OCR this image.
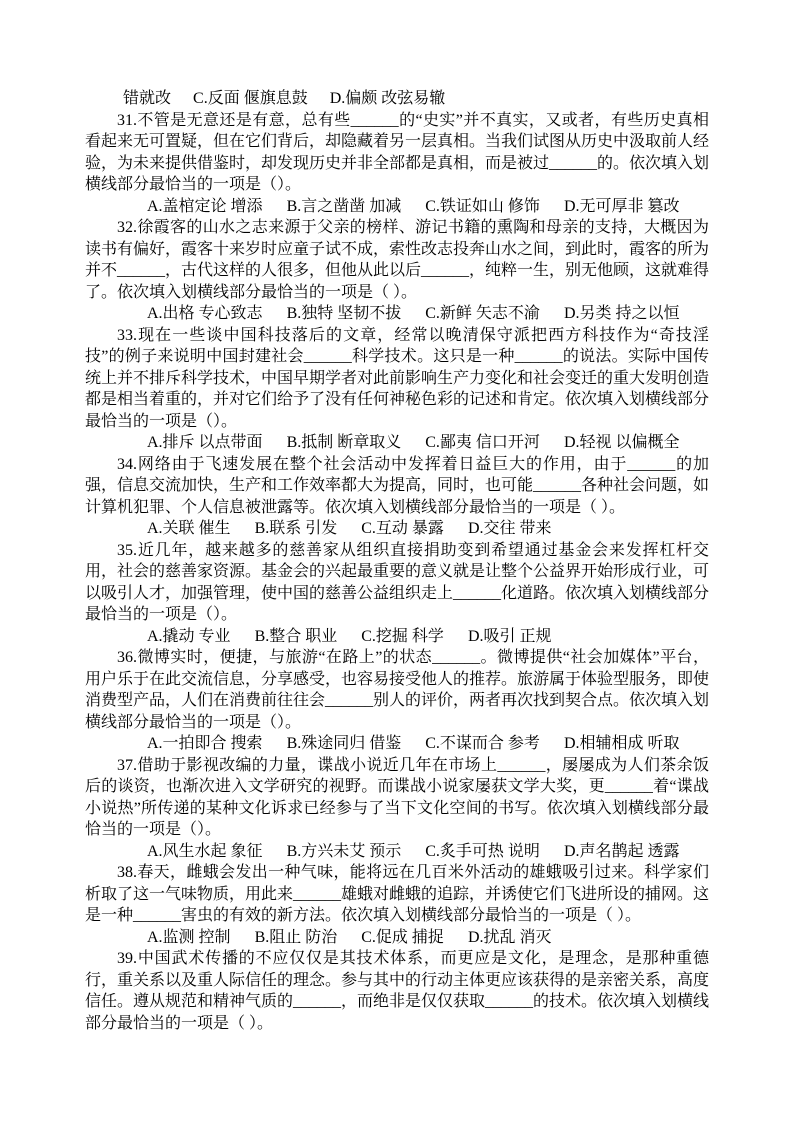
错就改 C.反面 偃旗息鼓 D.偏颇 改弦易辙

31.不管是无意还是有意，总有些______的“史实”并不真实，又或者，有些历史真相看起来无可置疑，但在它们背后，却隐藏着另一层真相。当我们试图从历史中汲取前人经验，为未来提供借鉴时，却发现历史并非全部都是真相，而是被过______的。依次填入划横线部分最恰当的一项是（）。

A.盖棺定论 增添 B.言之凿凿 加减 C.铁证如山 修饰 D.无可厚非 篡改

32.徐霞客的山水之志来源于父亲的榜样、游记书籍的熏陶和母亲的支持，大概因为读书有偏好，霞客十来岁时应童子试不成，索性改志投奔山水之间，到此时，霞客的所为并不______，古代这样的人很多，但他从此以后______，纯粹一生，别无他顾，这就难得了。依次填入划横线部分最恰当的一项是（ ）。

A.出格 专心致志 B.独特 坚韧不拔 C.新鲜 矢志不渝 D.另类 持之以恒

33.现在一些谈中国科技落后的文章，经常以晚清保守派把西方科技作为“奇技淫技”的例子来说明中国封建社会______科学技术。这只是一种______的说法。实际中国传统上并不排斥科学技术，中国早期学者对此前影响生产力变化和社会变迁的重大发明创造都是相当着重的，并对它们给予了没有任何神秘色彩的记述和肯定。依次填入划横线部分最恰当的一项是（）。

A.排斥 以点带面 B.抵制 断章取义 C.鄙夷 信口开河 D.轻视 以偏概全

34.网络由于飞速发展在整个社会活动中发挥着日益巨大的作用，由于______的加强，信息交流加快，生产和工作效率都大为提高，同时，也可能______各种社会问题，如计算机犯罪、个人信息被泄露等。依次填入划横线部分最恰当的一项是（ ）。

A.关联 催生 B.联系 引发 C.互动 暴露 D.交往 带来

35.近几年，越来越多的慈善家从组织直接捐助变到希望通过基金会来发挥杠杆交用，社会的慈善家资源。基金会的兴起最重要的意义就是让整个公益界开始形成行业，可以吸引人才，加强管理，使中国的慈善公益组织走上______化道路。依次填入划横线部分最恰当的一项是（）。

A.撬动 专业 B.整合 职业 C.挖掘 科学 D.吸引 正规

36.微博实时，便捷，与旅游“在路上”的状态______。微博提供“社会加媒体”平台，用户乐于在此交流信息，分享感受，也容易接受他人的推荐。旅游属于体验型服务，即使消费型产品，人们在消费前往往会______别人的评价，两者再次找到契合点。依次填入划横线部分最恰当的一项是（）。

A.一拍即合 搜索 B.殊途同归 借鉴 C.不谋而合 参考 D.相辅相成 听取

37.借助于影视改编的力量，谍战小说近几年在市场上______，屡屡成为人们茶余饭后的谈资，也渐次进入文学研究的视野。而谍战小说家屡获文学大奖，更______着“谍战小说热”所传递的某种文化诉求已经参与了当下文化空间的书写。依次填入划横线部分最恰当的一项是（）。

A.风生水起 象征 B.方兴未艾 预示 C.炙手可热 说明 D.声名鹊起 透露

38.春天，雌蛾会发出一种气味，能将远在几百米外活动的雄蛾吸引过来。科学家们析取了这一气味物质，用此来______雄蛾对雌蛾的追踪，并诱使它们飞进所设的捕网。这是一种______害虫的有效的新方法。依次填入划横线部分最恰当的一项是（ ）。

A.监测 控制 B.阻止 防治 C.促成 捕捉 D.扰乱 消灭

39.中国武术传播的不应仅仅是其技术体系，而更应是文化，是理念，是那种重德行，重关系以及重人际信任的理念。参与其中的行动主体更应该获得的是亲密关系，高度信任。遵从规范和精神气质的______，而绝非是仅仅获取______的技术。依次填入划横线部分最恰当的一项是（ ）。
